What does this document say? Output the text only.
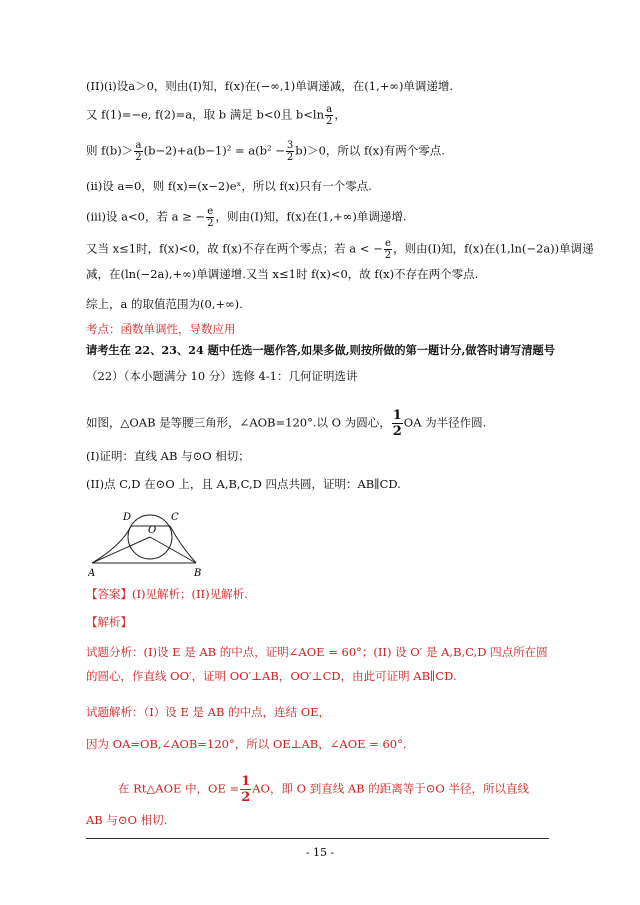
(II)(i)设a＞0，则由(I)知，f(x)在(−∞,1)单调递减，在(1,+∞)单调递增.
又 f(1)=−e, f(2)=a，取 b 满足 b<0且 $b<\ln \frac{a}{2}$ ，
则 $f(b)> \frac{a}{2} (b-2)+a(b-1)^2 = a(b^2 - \frac{3}{2} b)>0$，所以 f(x)有两个零点.
(ii)设 a=0，则 f(x)=(x−2)eˣ，所以 f(x)只有一个零点.
(iii)设 a<0，若 a ≥ − $\frac{e}{2}$ ，则由(I)知，f(x)在(1,+∞)单调递增.
又当 x≤1时，f(x)<0，故 f(x)不存在两个零点；若 a < − $\frac{e}{2}$ ，则由(I)知，f(x)在(1,ln(−2a))单调递
减，在(ln(−2a),+∞)单调递增.又当 x≤1时 f(x)<0，故 f(x)不存在两个零点.
综上，a 的取值范围为(0,+∞).
考点：函数单调性，导数应用
请考生在 22、23、24 题中任选一题作答,如果多做,则按所做的第一题计分,做答时请写清题号
（22）（本小题满分 10 分）选修 4-1：几何证明选讲
如图，△OAB 是等腰三角形，∠AOB=120°.以 O 为圆心， $\frac{1}{2}$ OA 为半径作圆.
(I)证明：直线 AB 与⊙O 相切；
(II)点 C,D 在⊙O 上，且 A,B,C,D 四点共圆，证明：AB∥CD.
D	C
O
A	B
【答案】(I)见解析；(II)见解析.
【解析】
试题分析：(I)设 E 是 AB 的中点，证明∠AOE = 60°；(II) 设 O′ 是 A,B,C,D 四点所在圆
的圆心，作直线 OO′，证明 OO′⊥AB，OO′⊥CD，由此可证明 AB∥CD.
试题解析：（Ⅰ）设 E 是 AB 的中点，连结 OE，
因为 OA=OB,∠AOB=120°，所以 OE⊥AB，∠AOE = 60°.
在 Rt△AOE 中，OE = $\frac{1}{2}$ AO，即 O 到直线 AB 的距离等于⊙O 半径，所以直线
AB 与⊙O 相切.
- 15 -
